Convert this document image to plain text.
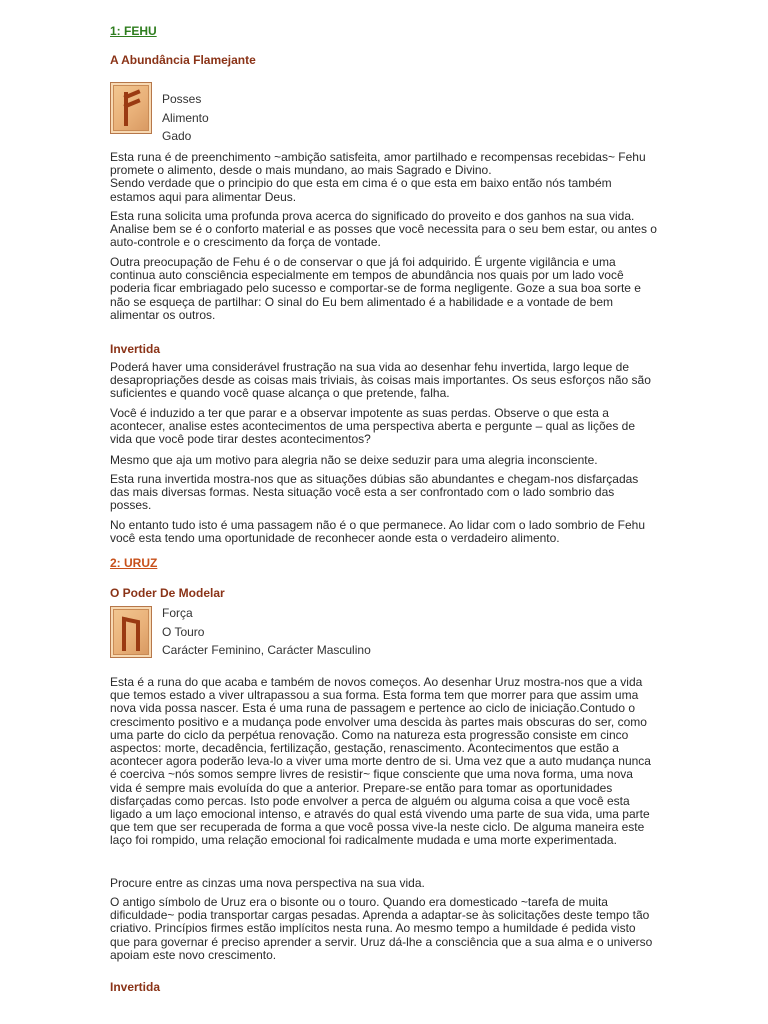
1: FEHU
A Abundância Flamejante
Posses
Alimento
Gado
Esta runa é de preenchimento ~ambição satisfeita, amor partilhado e recompensas recebidas~ Fehu promete o alimento, desde o mais mundano, ao mais Sagrado e Divino.
Sendo verdade que o principio do que esta em cima é o que esta em baixo então nós também estamos aqui para alimentar Deus.
Esta runa solicita uma profunda prova acerca do significado do proveito e dos ganhos na sua vida. Analise bem se é o conforto material e as posses que você necessita para o seu bem estar, ou antes o auto-controle e o crescimento da força de vontade.
Outra preocupação de Fehu é o de conservar o que já foi adquirido. É urgente vigilância e uma continua auto consciência especialmente em tempos de abundância nos quais por um lado você poderia ficar embriagado pelo sucesso e comportar-se de forma negligente. Goze a sua boa sorte e não se esqueça de partilhar: O sinal do Eu bem alimentado é a habilidade e a vontade de bem alimentar os outros.
Invertida
Poderá haver uma considerável frustração na sua vida ao desenhar fehu invertida, largo leque de desapropriações desde as coisas mais triviais, às coisas mais importantes. Os seus esforços não são suficientes e quando você quase alcança o que pretende, falha.
Você é induzido a ter que parar e a observar impotente as suas perdas. Observe o que esta a acontecer, analise estes acontecimentos de uma perspectiva aberta e pergunte – qual as lições de vida que você pode tirar destes acontecimentos?
Mesmo que aja um motivo para alegria não se deixe seduzir para uma alegria inconsciente.
Esta runa invertida mostra-nos que as situações dúbias são abundantes e chegam-nos disfarçadas das mais diversas formas. Nesta situação você esta a ser confrontado com o lado sombrio das posses.
No entanto tudo isto é uma passagem não é o que permanece. Ao lidar com o lado sombrio de Fehu você esta tendo uma oportunidade de reconhecer aonde esta o verdadeiro alimento.
2: URUZ
O Poder De Modelar
Força
O Touro
Carácter Feminino, Carácter Masculino
Esta é a runa do que acaba e também de novos começos. Ao desenhar Uruz mostra-nos que a vida que temos estado a viver ultrapassou a sua forma. Esta forma tem que morrer para que assim uma nova vida possa nascer. Esta é uma runa de passagem e pertence ao ciclo de iniciação.Contudo o crescimento positivo e a mudança pode envolver uma descida às partes mais obscuras do ser, como uma parte do ciclo da perpétua renovação. Como na natureza esta progressão consiste em cinco aspectos: morte, decadência, fertilização, gestação, renascimento. Acontecimentos que estão a acontecer agora poderão leva-lo a viver uma morte dentro de si. Uma vez que a auto mudança nunca é coerciva ~nós somos sempre livres de resistir~ fique consciente que uma nova forma, uma nova vida é sempre mais evoluída do que a anterior. Prepare-se então para tomar as oportunidades disfarçadas como percas. Isto pode envolver a perca de alguém ou alguma coisa a que você esta ligado a um laço emocional intenso, e através do qual está vivendo uma parte de sua vida, uma parte que tem que ser recuperada de forma a que você possa vive-la neste ciclo. De alguma maneira este laço foi rompido, uma relação emocional foi radicalmente mudada e uma morte experimentada.
Procure entre as cinzas uma nova perspectiva na sua vida.
O antigo símbolo de Uruz era o bisonte ou o touro. Quando era domesticado ~tarefa de muita dificuldade~ podia transportar cargas pesadas. Aprenda a adaptar-se às solicitações deste tempo tão criativo. Princípios firmes estão implícitos nesta runa. Ao mesmo tempo a humildade é pedida visto que para governar é preciso aprender a servir. Uruz dá-lhe a consciência que a sua alma e o universo apoiam este novo crescimento.
Invertida
